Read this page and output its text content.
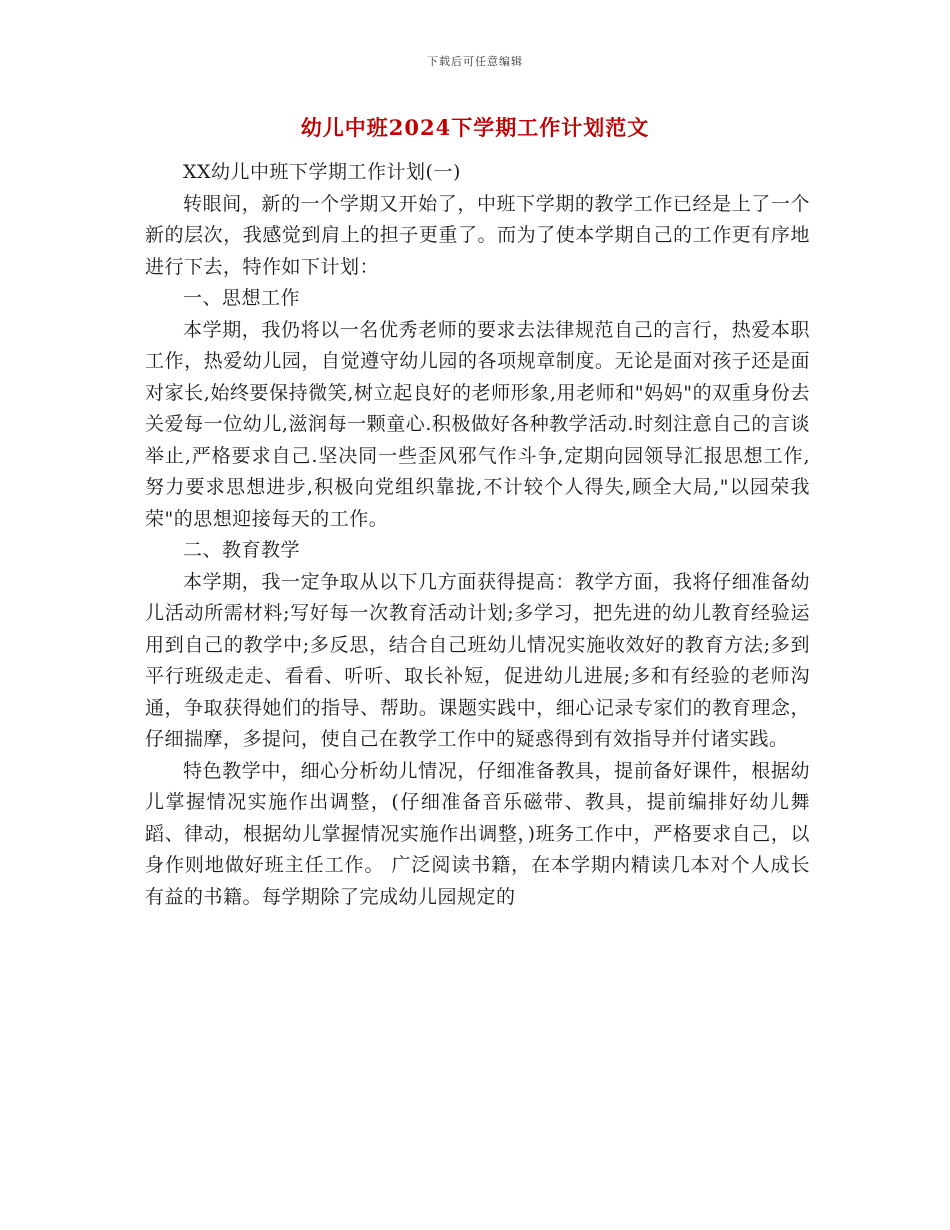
下载后可任意编辑
幼儿中班2024下学期工作计划范文

XX幼儿中班下学期工作计划(一)

转眼间，新的一个学期又开始了，中班下学期的教学工作已经是上了一个新的层次，我感觉到肩上的担子更重了。而为了使本学期自己的工作更有序地进行下去，特作如下计划：

一、思想工作

本学期，我仍将以一名优秀老师的要求去法律规范自己的言行，热爱本职工作，热爱幼儿园，自觉遵守幼儿园的各项规章制度。无论是面对孩子还是面对家长,始终要保持微笑,树立起良好的老师形象,用老师和"妈妈"的双重身份去关爱每一位幼儿,滋润每一颗童心.积极做好各种教学活动.时刻注意自己的言谈举止,严格要求自己.坚决同一些歪风邪气作斗争,定期向园领导汇报思想工作,努力要求思想进步,积极向党组织靠拢,不计较个人得失,顾全大局,"以园荣我荣"的思想迎接每天的工作。

二、教育教学

本学期，我一定争取从以下几方面获得提高：教学方面，我将仔细准备幼儿活动所需材料;写好每一次教育活动计划;多学习，把先进的幼儿教育经验运用到自己的教学中;多反思，结合自己班幼儿情况实施收效好的教育方法;多到平行班级走走、看看、听听、取长补短，促进幼儿进展;多和有经验的老师沟通，争取获得她们的指导、帮助。课题实践中，细心记录专家们的教育理念，仔细揣摩，多提问，使自己在教学工作中的疑惑得到有效指导并付诸实践。

特色教学中，细心分析幼儿情况，仔细准备教具，提前备好课件，根据幼儿掌握情况实施作出调整，(仔细准备音乐磁带、教具，提前编排好幼儿舞蹈、律动，根据幼儿掌握情况实施作出调整，)班务工作中，严格要求自己，以身作则地做好班主任工作。 广泛阅读书籍，在本学期内精读几本对个人成长有益的书籍。每学期除了完成幼儿园规定的
